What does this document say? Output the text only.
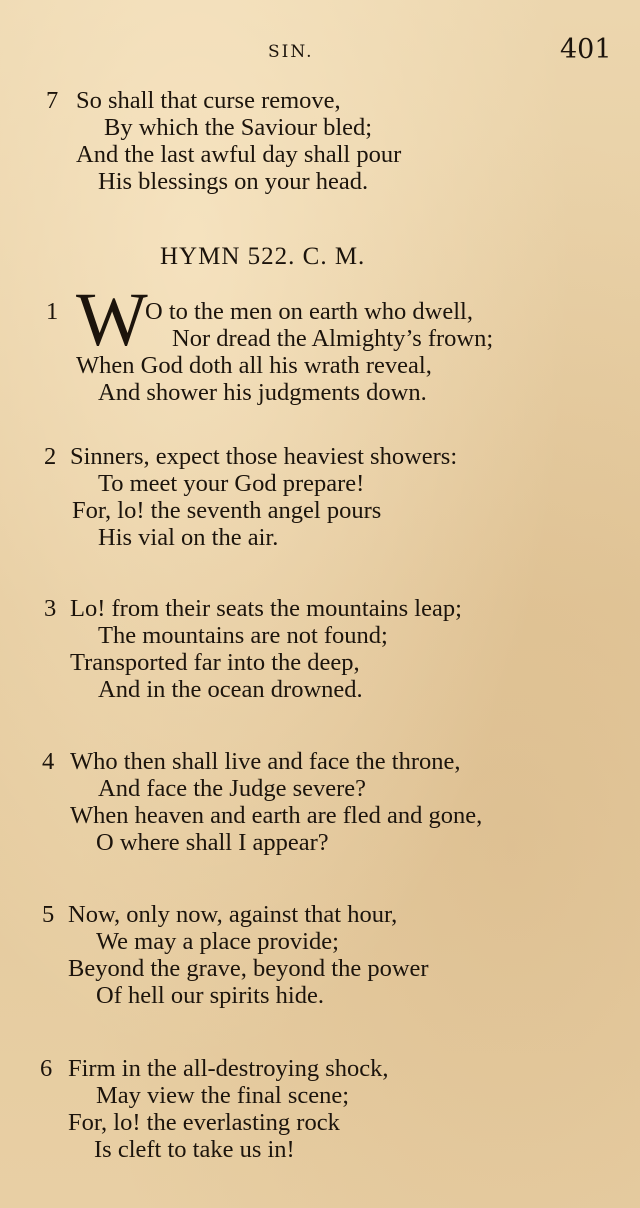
SIN.	401
7 So shall that curse remove,
By which the Saviour bled;
And the last awful day shall pour
His blessings on your head.
HYMN 522. C. M.
1 W
O to the men on earth who dwell,
Nor dread the Almighty’s frown;
When God doth all his wrath reveal,
And shower his judgments down.
2 Sinners, expect those heaviest showers:
To meet your God prepare!
For, lo! the seventh angel pours
His vial on the air.
3 Lo! from their seats the mountains leap;
The mountains are not found;
Transported far into the deep,
And in the ocean drowned.
4 Who then shall live and face the throne,
And face the Judge severe?
When heaven and earth are fled and gone,
O where shall I appear?
5 Now, only now, against that hour,
We may a place provide;
Beyond the grave, beyond the power
Of hell our spirits hide.
6 Firm in the all-destroying shock,
May view the final scene;
For, lo! the everlasting rock
Is cleft to take us in!
